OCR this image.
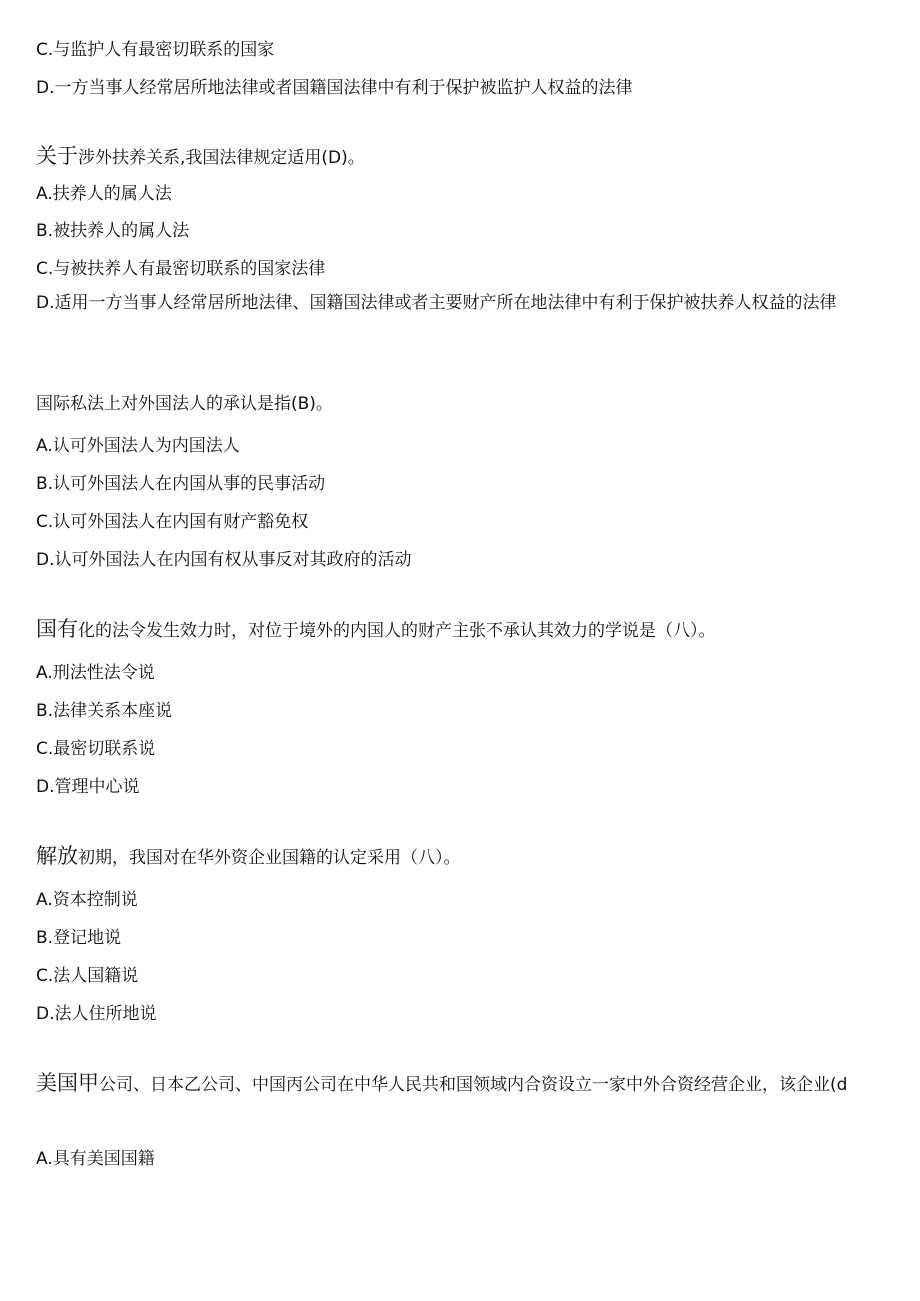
C.与监护人有最密切联系的国家
D.一方当事人经常居所地法律或者国籍国法律中有利于保护被监护人权益的法律
关于涉外扶养关系,我国法律规定适用(D)。
A.扶养人的属人法
B.被扶养人的属人法
C.与被扶养人有最密切联系的国家法律
D.适用一方当事人经常居所地法律、国籍国法律或者主要财产所在地法律中有利于保护被扶养人权益的法律
国际私法上对外国法人的承认是指(B)。
A.认可外国法人为内国法人
B.认可外国法人在内国从事的民事活动
C.认可外国法人在内国有财产豁免权
D.认可外国法人在内国有权从事反对其政府的活动
国有化的法令发生效力时，对位于境外的内国人的财产主张不承认其效力的学说是（八）。
A.刑法性法令说
B.法律关系本座说
C.最密切联系说
D.管理中心说
解放初期，我国对在华外资企业国籍的认定采用（八）。
A.资本控制说
B.登记地说
C.法人国籍说
D.法人住所地说
美国甲公司、日本乙公司、中国丙公司在中华人民共和国领域内合资设立一家中外合资经营企业，该企业(d
A.具有美国国籍
